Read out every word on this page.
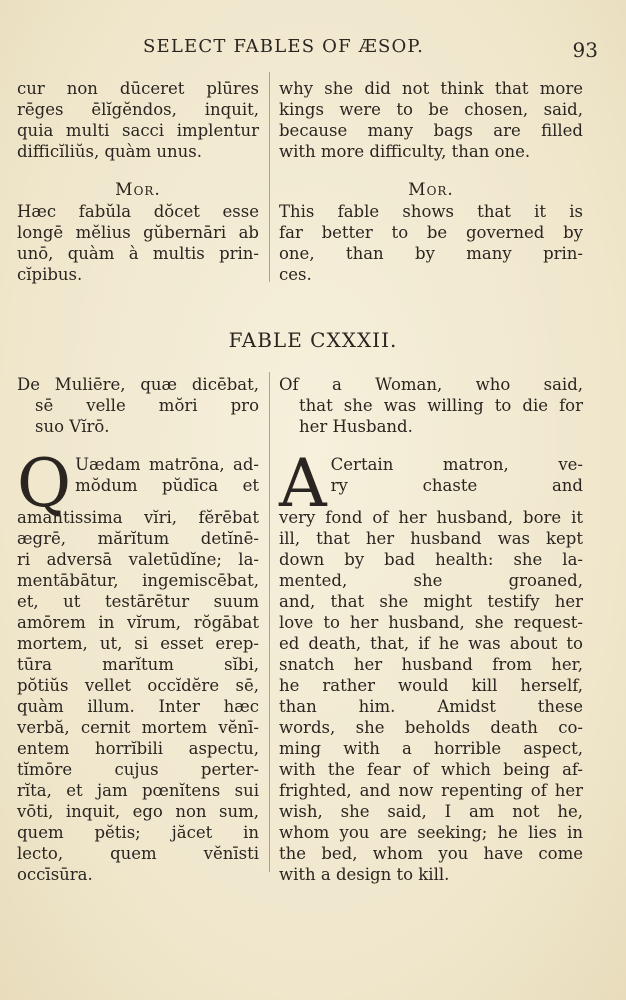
SELECT FABLES OF ÆSOP.	93
cur non dūceret plūres
rēges ēlĭgĕndos, inquit,
quia multi sacci implentur
difficĭliŭs, quàm unus.
why she did not think that more
kings were to be chosen, said,
because many bags are filled
with more difficulty, than one.
Mor.
Hæc fabŭla dŏcet esse
longē mĕlius gŭbernāri ab
unō, quàm à multis prin-
cĭpibus.
Mor.
This fable shows that it is
far better to be governed by
one, than by many prin-
ces.
FABLE CXXXII.
De Muliēre, quæ dicēbat,
sē velle mŏri pro
suo Vĭrō.
Of a Woman, who said,
that she was willing to die for
her Husband.
Q Uædam matrōna, ad-
mŏdum pŭdīca et
amantissima vĭri, fĕrēbat
ægrē, mărĭtum detĭnē-
ri adversā valetūdĭne; la-
mentābātur, ingemiscēbat,
et, ut testārētur suum
amōrem in vĭrum, rŏgābat
mortem, ut, si esset erep-
tūra marĭtum sĭbi,
pŏtiŭs vellet occĭdĕre sē,
quàm illum. Inter hæc
verbă, cernit mortem vĕnī-
entem horrĭbili aspectu,
tĭmōre cujus perter-
rĭta, et jam pœnĭtens sui
vōti, inquit, ego non sum,
quem pĕtis; jăcet in
lecto, quem vĕnīsti
occīsūra.
A Certain matron, ve-
ry chaste and
very fond of her husband, bore it
ill, that her husband was kept
down by bad health: she la-
mented, she groaned,
and, that she might testify her
love to her husband, she request-
ed death, that, if he was about to
snatch her husband from her,
he rather would kill herself,
than him. Amidst these
words, she beholds death co-
ming with a horrible aspect,
with the fear of which being af-
frighted, and now repenting of her
wish, she said, I am not he,
whom you are seeking; he lies in
the bed, whom you have come
with a design to kill.
